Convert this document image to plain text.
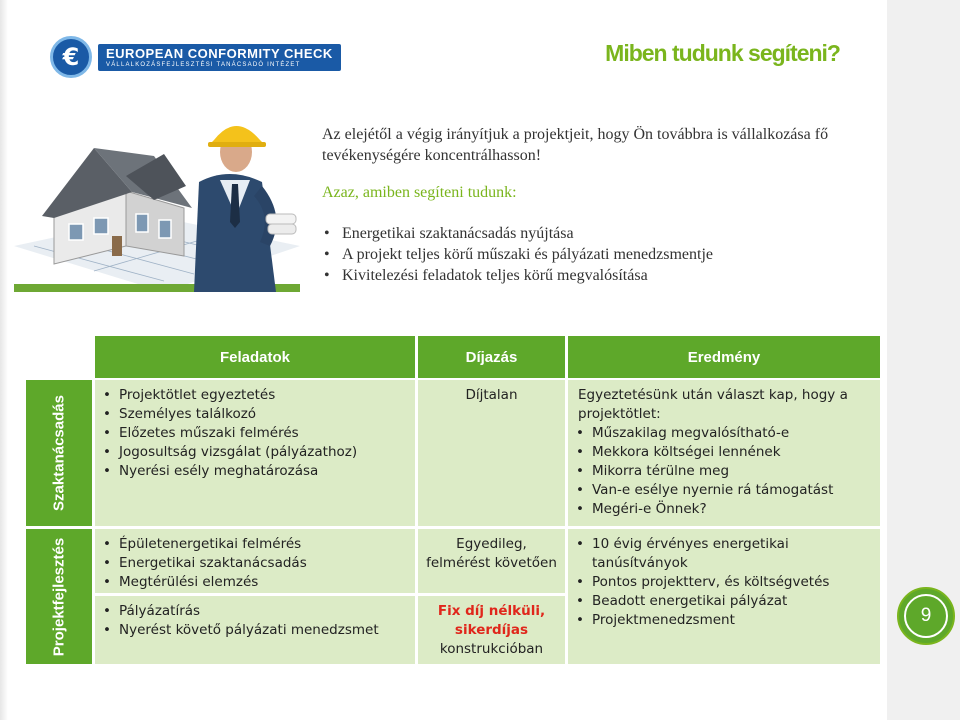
€	EUROPEAN CONFORMITY CHECK
VÁLLALKOZÁSFEJLESZTÉSI TANÁCSADÓ INTÉZET	Miben tudunk segíteni?

Az elejétől a végig irányítjuk a projektjeit, hogy Ön továbbra is vállalkozása fő tevékenységére koncentrálhasson!

Azaz, amiben segíteni tudunk:

• Energetikai szaktanácsadás nyújtása
• A projekt teljes körű műszaki és pályázati menedzsmentje
• Kivitelezési feladatok teljes körű megvalósítása
Feladatok	Díjazás	Eredmény
Szaktanácsadás
• Projektötlet egyeztetés
• Személyes találkozó
• Előzetes műszaki felmérés
• Jogosultság vizsgálat (pályázathoz)
• Nyerési esély meghatározása
Díjtalan	Egyeztetésünk után választ kap, hogy a projektötlet:

• Műszakilag megvalósítható-e
• Mekkora költségei lennének
• Mikorra térülne meg
• Van-e esélye nyernie rá támogatást
• Megéri-e Önnek?
Projektfejlesztés
•	Épületenergetikai felmérés
• Energetikai szaktanácsadás
• Megtérülési elemzés
Egyedileg,
felmérést követően
• Pályázatírás
• Nyerést követő pályázati menedzsmet
Fix díj nélküli,
sikerdíjas
konstrukcióban
• 10 évig érvényes energetikai tanúsítványok
• Pontos projektterv, és költségvetés
• Beadott energetikai pályázat
• Projektmenedzsment	9
